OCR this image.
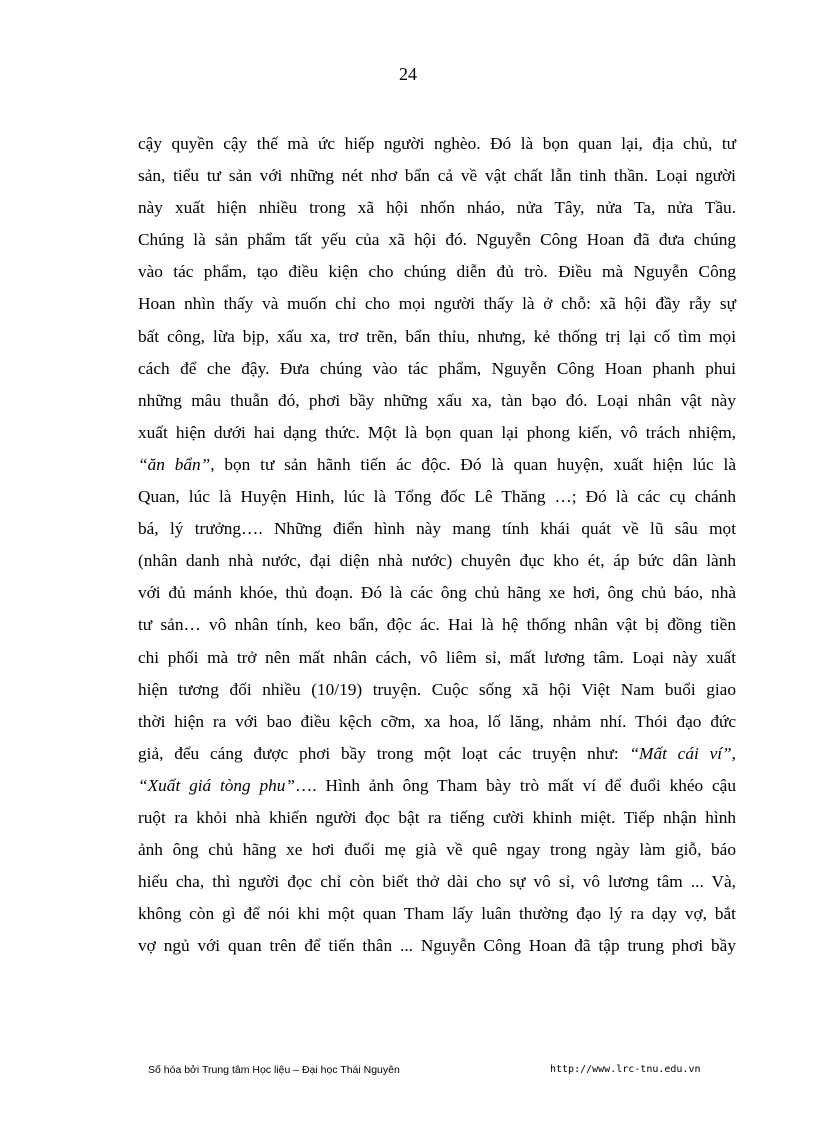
24
cậy quyền cậy thế mà ức hiếp người nghèo. Đó là bọn quan lại, địa chủ, tư
sản, tiểu tư sản với những nét nhơ bẩn cả về vật chất lẫn tinh thần. Loại người
này xuất hiện nhiều trong xã hội nhốn nháo, nửa Tây, nửa Ta, nửa Tầu.
Chúng là sản phẩm tất yếu của xã hội đó. Nguyễn Công Hoan đã đưa chúng
vào tác phẩm, tạo điều kiện cho chúng diễn đủ trò. Điều mà Nguyễn Công
Hoan nhìn thấy và muốn chỉ cho mọi người thấy là ở chỗ: xã hội đầy rẫy sự
bất công, lừa bịp, xấu xa, trơ trẽn, bẩn thỉu, nhưng, kẻ thống trị lại cố tìm mọi
cách để che đậy. Đưa chúng vào tác phẩm, Nguyễn Công Hoan phanh phui
những mâu thuẫn đó, phơi bầy những xấu xa, tàn bạo đó. Loại nhân vật này
xuất hiện dưới hai dạng thức. Một là bọn quan lại phong kiến, vô trách nhiệm,
“ăn bẩn”, bọn tư sản hãnh tiến ác độc. Đó là quan huyện, xuất hiện lúc là
Quan, lúc là Huyện Hinh, lúc là Tổng đốc Lê Thăng …; Đó là các cụ chánh
bá, lý trưởng…. Những điển hình này mang tính khái quát về lũ sâu mọt
(nhân danh nhà nước, đại diện nhà nước) chuyên đục kho ét, áp bức dân lành
với đủ mánh khóe, thủ đoạn. Đó là các ông chủ hãng xe hơi, ông chủ báo, nhà
tư sản… vô nhân tính, keo bẩn, độc ác. Hai là hệ thống nhân vật bị đồng tiền
chi phối mà trở nên mất nhân cách, vô liêm sỉ, mất lương tâm. Loại này xuất
hiện tương đối nhiều (10/19) truyện. Cuộc sống xã hội Việt Nam buổi giao
thời hiện ra với bao điều kệch cỡm, xa hoa, lố lăng, nhảm nhí. Thói đạo đức
giả, đểu cáng được phơi bầy trong một loạt các truyện như: “Mất cái ví”,
“Xuất giá tòng phu”…. Hình ảnh ông Tham bày trò mất ví để đuổi khéo cậu
ruột ra khỏi nhà khiến người đọc bật ra tiếng cười khinh miệt. Tiếp nhận hình
ảnh ông chủ hãng xe hơi đuổi mẹ già về quê ngay trong ngày làm giỗ, báo
hiếu cha, thì người đọc chỉ còn biết thở dài cho sự vô sỉ, vô lương tâm ... Và,
không còn gì để nói khi một quan Tham lấy luân thường đạo lý ra dạy vợ, bắt
vợ ngủ với quan trên để tiến thân ... Nguyễn Công Hoan đã tập trung phơi bầy
Số hóa bởi Trung tâm Học liệu – Đại học Thái Nguyên	http://www.lrc-tnu.edu.vn
